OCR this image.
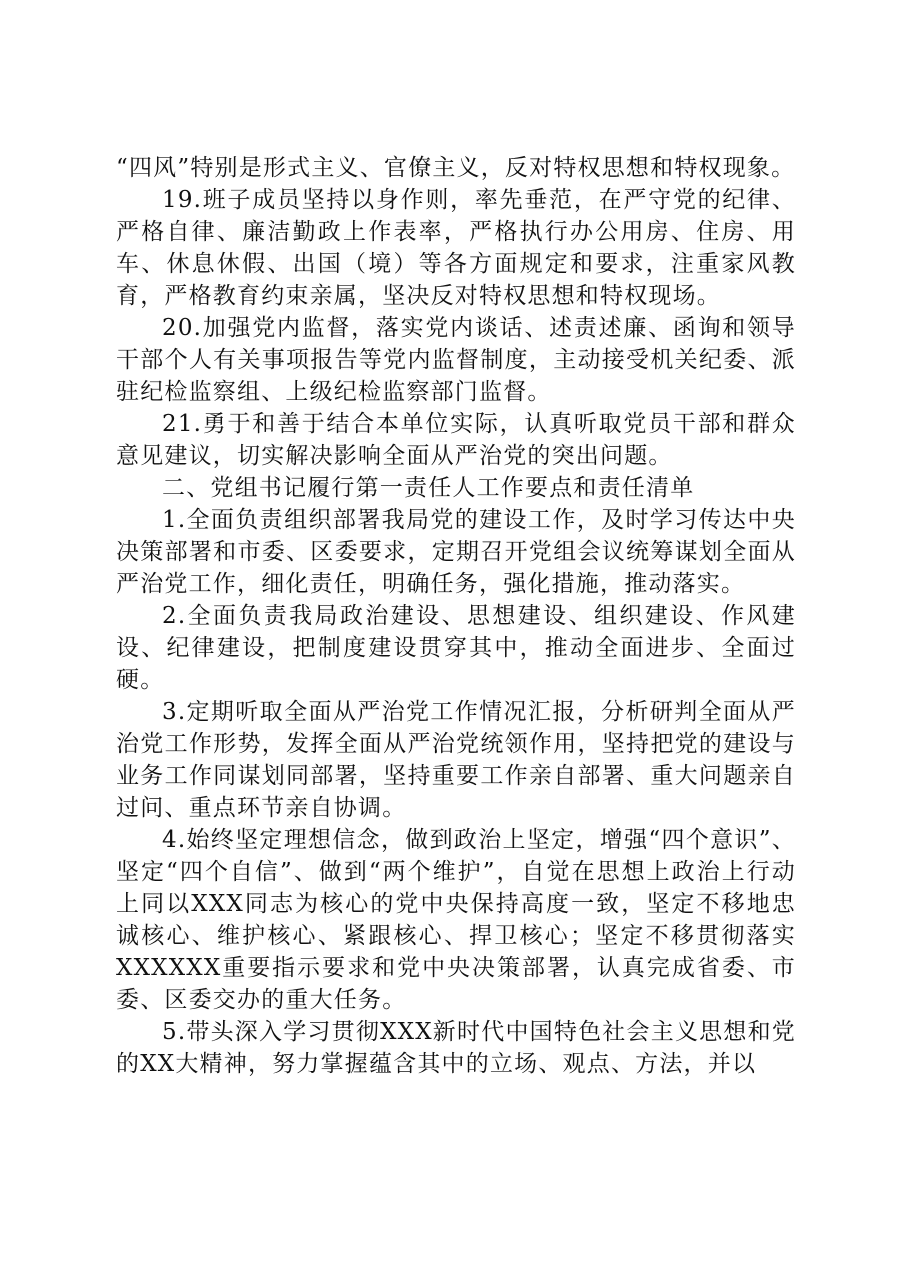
“四风”特别是形式主义、官僚主义，反对特权思想和特权现象。

19.班子成员坚持以身作则，率先垂范，在严守党的纪律、严格自律、廉洁勤政上作表率，严格执行办公用房、住房、用车、休息休假、出国（境）等各方面规定和要求，注重家风教育，严格教育约束亲属，坚决反对特权思想和特权现场。

20.加强党内监督，落实党内谈话、述责述廉、函询和领导干部个人有关事项报告等党内监督制度，主动接受机关纪委、派驻纪检监察组、上级纪检监察部门监督。

21.勇于和善于结合本单位实际，认真听取党员干部和群众意见建议，切实解决影响全面从严治党的突出问题。

二、党组书记履行第一责任人工作要点和责任清单

1.全面负责组织部署我局党的建设工作，及时学习传达中央决策部署和市委、区委要求，定期召开党组会议统筹谋划全面从严治党工作，细化责任，明确任务，强化措施，推动落实。

2.全面负责我局政治建设、思想建设、组织建设、作风建设、纪律建设，把制度建设贯穿其中，推动全面进步、全面过硬。

3.定期听取全面从严治党工作情况汇报，分析研判全面从严治党工作形势，发挥全面从严治党统领作用，坚持把党的建设与业务工作同谋划同部署，坚持重要工作亲自部署、重大问题亲自过问、重点环节亲自协调。

4.始终坚定理想信念，做到政治上坚定，增强“四个意识”、坚定“四个自信”、做到“两个维护”，自觉在思想上政治上行动上同以XXX同志为核心的党中央保持高度一致，坚定不移地忠诚核心、维护核心、紧跟核心、捍卫核心；坚定不移贯彻落实XXXXXX重要指示要求和党中央决策部署，认真完成省委、市委、区委交办的重大任务。

5.带头深入学习贯彻XXX新时代中国特色社会主义思想和党的XX大精神，努力掌握蕴含其中的立场、观点、方法，并以
